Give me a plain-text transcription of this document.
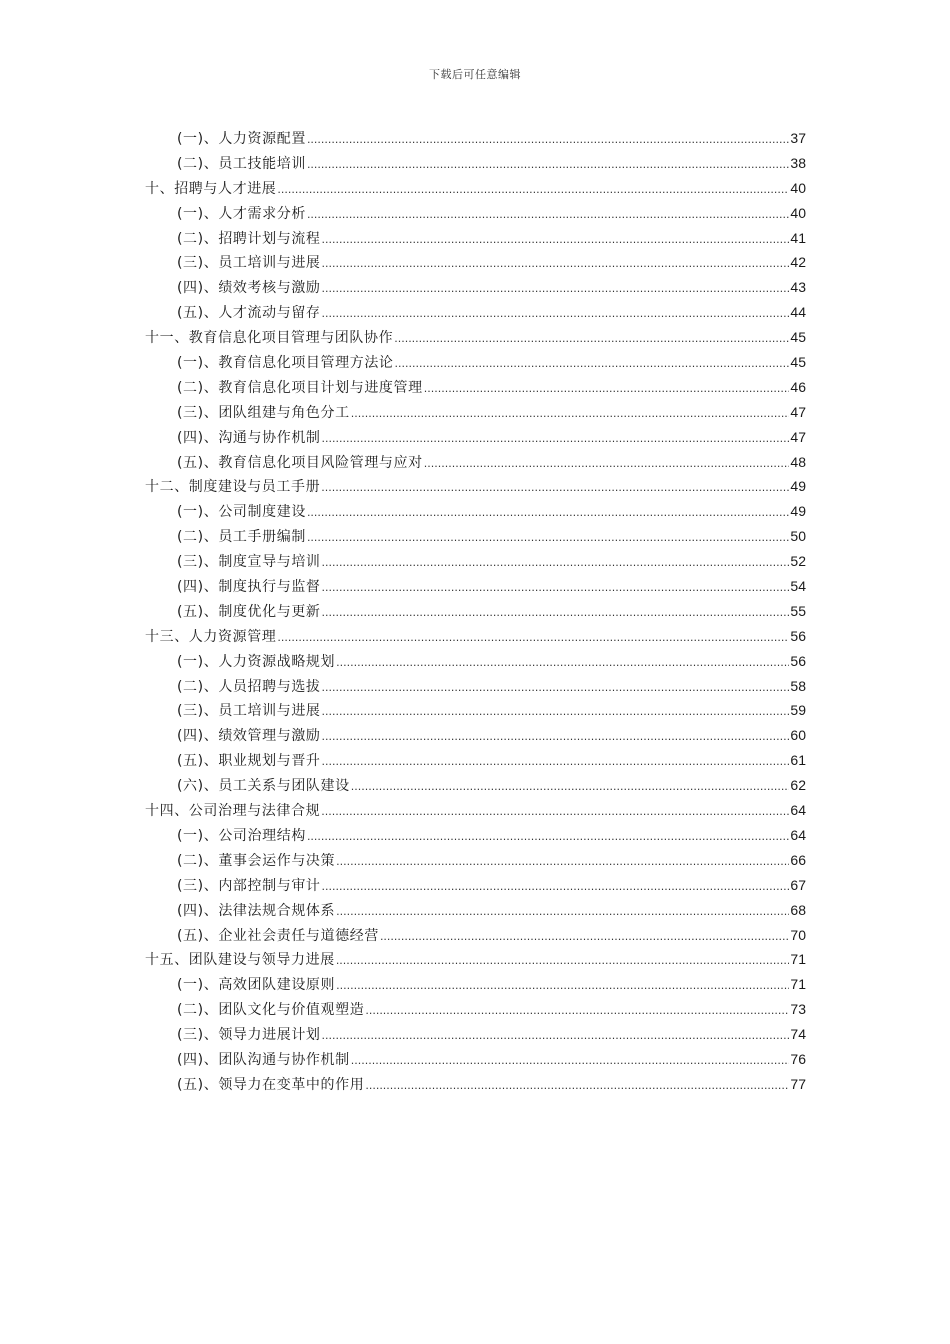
下载后可任意编辑
(一)、人力资源配置 .....	37
(二)、员工技能培训 .....	38
十、招聘与人才进展 .....	40
(一)、人才需求分析 .....	40
(二)、招聘计划与流程 .....	41
(三)、员工培训与进展 .....	42
(四)、绩效考核与激励 .....	43
(五)、人才流动与留存 .....	44
十一、教育信息化项目管理与团队协作 .....	45
(一)、教育信息化项目管理方法论 .....	45
(二)、教育信息化项目计划与进度管理 .....	46
(三)、团队组建与角色分工 .....	47
(四)、沟通与协作机制 .....	47
(五)、教育信息化项目风险管理与应对 .....	48
十二、制度建设与员工手册 .....	49
(一)、公司制度建设 .....	49
(二)、员工手册编制 .....	50
(三)、制度宣导与培训 .....	52
(四)、制度执行与监督 .....	54
(五)、制度优化与更新 .....	55
十三、人力资源管理 .....	56
(一)、人力资源战略规划 .....	56
(二)、人员招聘与选拔 .....	58
(三)、员工培训与进展 .....	59
(四)、绩效管理与激励 .....	60
(五)、职业规划与晋升 .....	61
(六)、员工关系与团队建设 .....	62
十四、公司治理与法律合规 .....	64
(一)、公司治理结构 .....	64
(二)、董事会运作与决策 .....	66
(三)、内部控制与审计 .....	67
(四)、法律法规合规体系 .....	68
(五)、企业社会责任与道德经营 .....	70
十五、团队建设与领导力进展 .....	71
(一)、高效团队建设原则 .....	71
(二)、团队文化与价值观塑造 .....	73
(三)、领导力进展计划 .....	74
(四)、团队沟通与协作机制 .....	76
(五)、领导力在变革中的作用 .....	77
